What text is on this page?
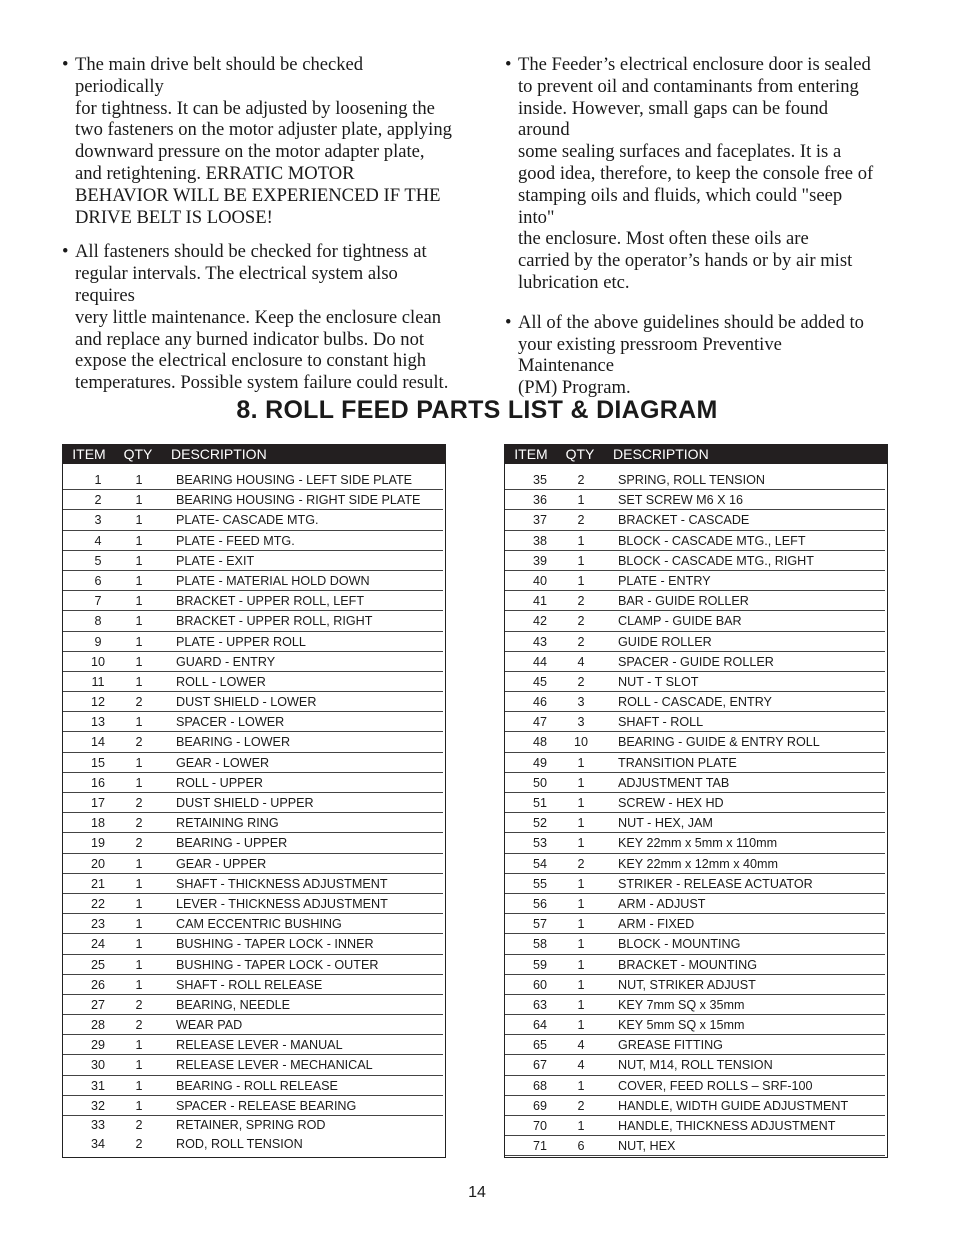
• The main drive belt should be checked periodically
for tightness. It can be adjusted by loosening the
two fasteners on the motor adjuster plate, applying
downward pressure on the motor adapter plate,
and retightening. ERRATIC MOTOR
BEHAVIOR WILL BE EXPERIENCED IF THE
DRIVE BELT IS LOOSE!

• All fasteners should be checked for tightness at
regular intervals. The electrical system also requires
very little maintenance. Keep the enclosure clean
and replace any burned indicator bulbs. Do not
expose the electrical enclosure to constant high
temperatures. Possible system failure could result.

• The Feeder’s electrical enclosure door is sealed
to prevent oil and contaminants from entering
inside. However, small gaps can be found around
some sealing surfaces and faceplates. It is a
good idea, therefore, to keep the console free of
stamping oils and fluids, which could "seep into"
the enclosure. Most often these oils are
carried by the operator’s hands or by air mist
lubrication etc.

• All of the above guidelines should be added to
your existing pressroom Preventive Maintenance
(PM) Program.

8. ROLL FEED PARTS LIST & DIAGRAM
ITEM	QTY	DESCRIPTION
1	1	BEARING HOUSING - LEFT SIDE PLATE
2	1	BEARING HOUSING - RIGHT SIDE PLATE
3	1	PLATE- CASCADE MTG.
4	1	PLATE - FEED MTG.
5	1	PLATE - EXIT
6	1	PLATE - MATERIAL HOLD DOWN
7	1	BRACKET - UPPER ROLL, LEFT
8	1	BRACKET - UPPER ROLL, RIGHT
9	1	PLATE - UPPER ROLL
10	1	GUARD - ENTRY
11	1	ROLL - LOWER
12	2	DUST SHIELD - LOWER
13	1	SPACER - LOWER
14	2	BEARING - LOWER
15	1	GEAR - LOWER
16	1	ROLL - UPPER
17	2	DUST SHIELD - UPPER
18	2	RETAINING RING
19	2	BEARING - UPPER
20	1	GEAR - UPPER
21	1	SHAFT - THICKNESS ADJUSTMENT
22	1	LEVER - THICKNESS ADJUSTMENT
23	1	CAM ECCENTRIC BUSHING
24	1	BUSHING - TAPER LOCK - INNER
25	1	BUSHING - TAPER LOCK - OUTER
26	1	SHAFT - ROLL RELEASE
27	2	BEARING, NEEDLE
28	2	WEAR PAD
29	1	RELEASE LEVER - MANUAL
30	1	RELEASE LEVER - MECHANICAL
31	1	BEARING - ROLL RELEASE
32	1	SPACER - RELEASE BEARING
33	2	RETAINER, SPRING ROD
34	2	ROD, ROLL TENSION
ITEM	QTY	DESCRIPTION
35	2	SPRING, ROLL TENSION
36	1	SET SCREW M6 X 16
37	2	BRACKET - CASCADE
38	1	BLOCK - CASCADE MTG., LEFT
39	1	BLOCK - CASCADE MTG., RIGHT
40	1	PLATE - ENTRY
41	2	BAR - GUIDE ROLLER
42	2	CLAMP - GUIDE BAR
43	2	GUIDE ROLLER
44	4	SPACER - GUIDE ROLLER
45	2	NUT - T SLOT
46	3	ROLL - CASCADE, ENTRY
47	3	SHAFT - ROLL
48	10	BEARING - GUIDE & ENTRY ROLL
49	1	TRANSITION PLATE
50	1	ADJUSTMENT TAB
51	1	SCREW - HEX HD
52	1	NUT - HEX, JAM
53	1	KEY 22mm x 5mm x 110mm
54	2	KEY 22mm x 12mm x 40mm
55	1	STRIKER - RELEASE ACTUATOR
56	1	ARM - ADJUST
57	1	ARM - FIXED
58	1	BLOCK - MOUNTING
59	1	BRACKET - MOUNTING
60	1	NUT, STRIKER ADJUST
63	1	KEY 7mm SQ x 35mm
64	1	KEY 5mm SQ x 15mm
65	4	GREASE FITTING
67	4	NUT, M14, ROLL TENSION
68	1	COVER, FEED ROLLS – SRF-100
69	2	HANDLE, WIDTH GUIDE ADJUSTMENT
70	1	HANDLE, THICKNESS ADJUSTMENT
71	6	NUT, HEX
14
